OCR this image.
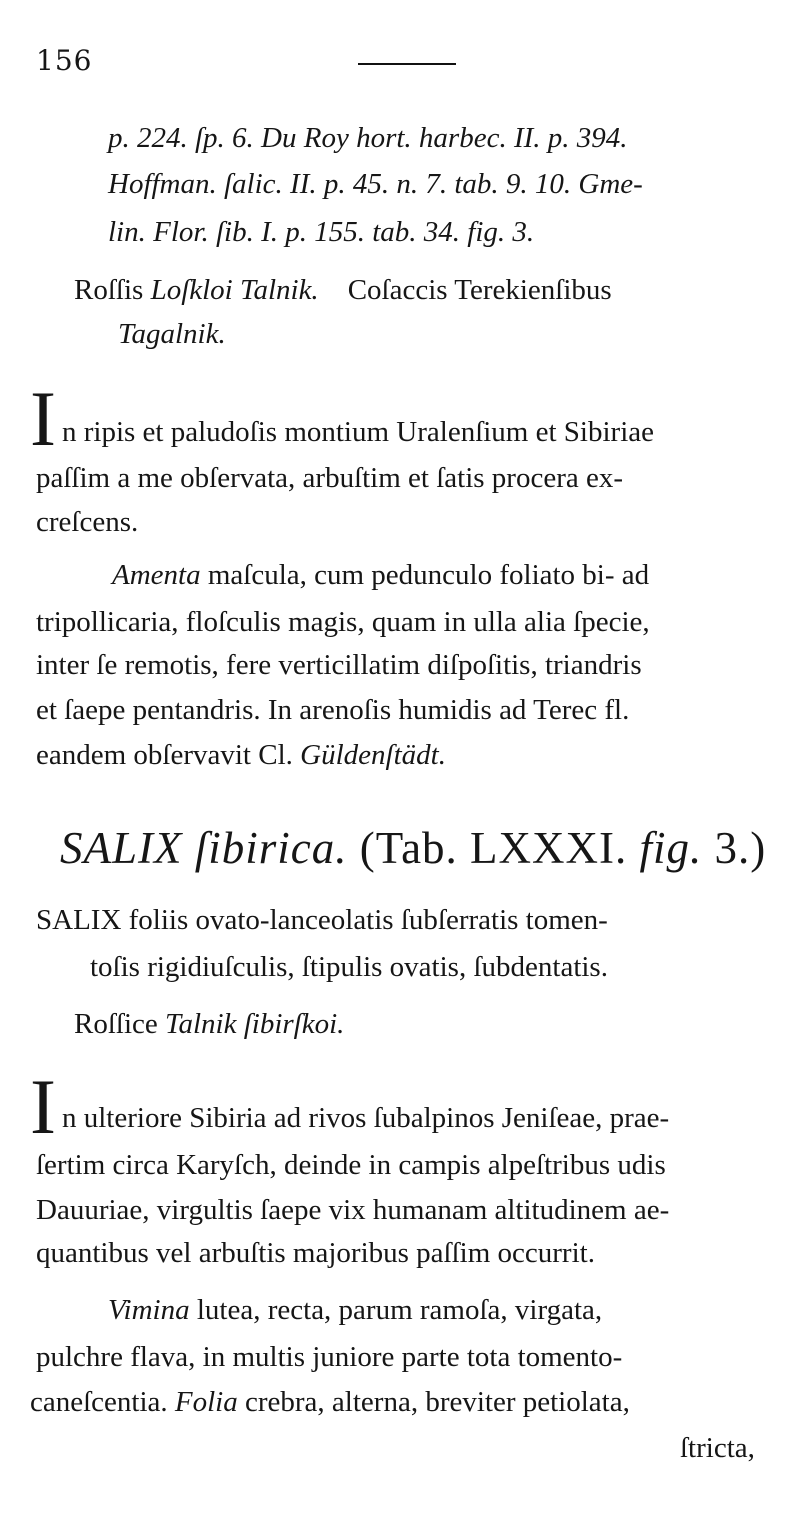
156
p. 224. ſp. 6. Du Roy hort. harbec. II. p. 394.
Hoffman. ſalic. II. p. 45. n. 7. tab. 9. 10. Gme-
lin. Flor. ſib. I. p. 155. tab. 34. fig. 3.
Roſſis Loſkloi Talnik. Coſaccis Terekienſibus
Tagalnik.
I n ripis et paludoſis montium Uralenſium et Sibiriae
paſſim a me obſervata, arbuſtim et ſatis procera ex-
creſcens.
Amenta maſcula, cum pedunculo foliato bi- ad
tripollicaria, floſculis magis, quam in ulla alia ſpecie,
inter ſe remotis, fere verticillatim diſpoſitis, triandris
et ſaepe pentandris. In arenoſis humidis ad Terec fl.
eandem obſervavit Cl. Güldenſtädt.
SALIX ſibirica. (Tab. LXXXI. fig. 3.)
SALIX foliis ovato-lanceolatis ſubſerratis tomen-
toſis rigidiuſculis, ſtipulis ovatis, ſubdentatis.
Roſſice Talnik ſibirſkoi.
I n ulteriore Sibiria ad rivos ſubalpinos Jeniſeae, prae-
ſertim circa Karyſch, deinde in campis alpeſtribus udis
Dauuriae, virgultis ſaepe vix humanam altitudinem ae-
quantibus vel arbuſtis majoribus paſſim occurrit.
Vimina lutea, recta, parum ramoſa, virgata,
pulchre flava, in multis juniore parte tota tomento-
caneſcentia. Folia crebra, alterna, breviter petiolata,
ſtricta,
